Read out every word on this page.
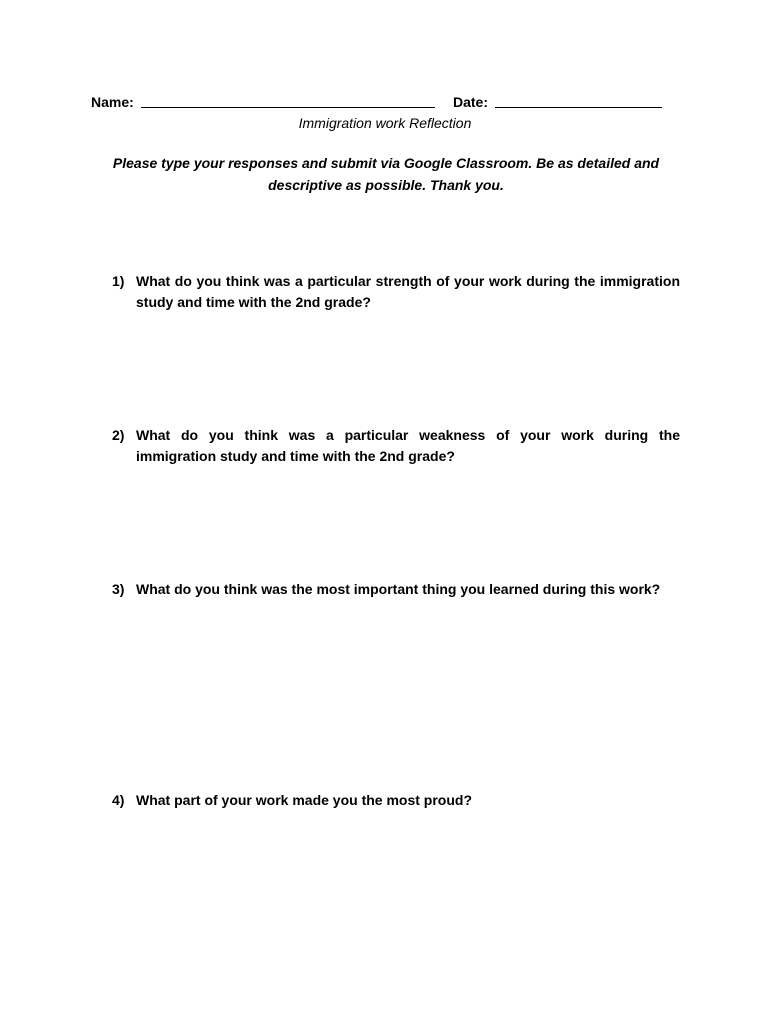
Name:	Date:
Immigration work Reflection
Please type your responses and submit via Google Classroom. Be as detailed and descriptive as possible. Thank you.
1) What do you think was a particular strength of your work during the immigration study and time with the 2nd grade?
2) What do you think was a particular weakness of your work during the immigration study and time with the 2nd grade?
3) What do you think was the most important thing you learned during this work?
4) What part of your work made you the most proud?
